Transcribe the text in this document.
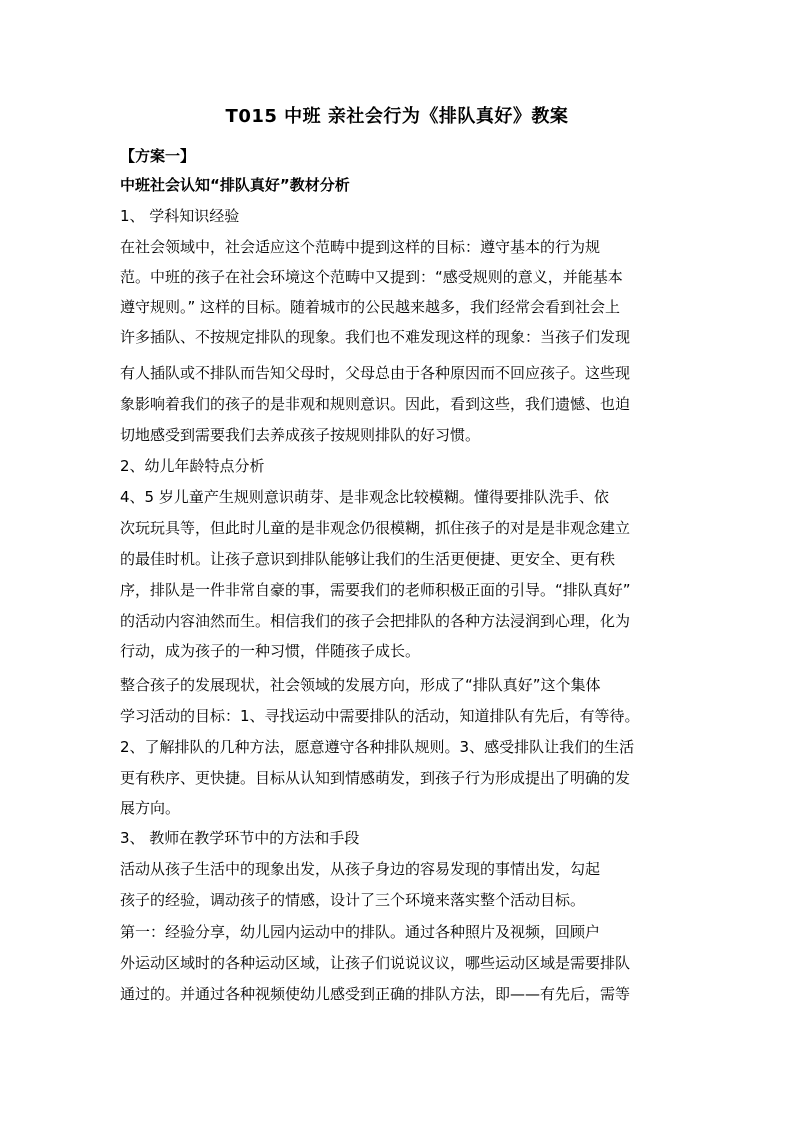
T015 中班 亲社会行为《排队真好》教案
【方案一】
中班社会认知“排队真好”教材分析
1、 学科知识经验
在社会领域中，社会适应这个范畴中提到这样的目标：遵守基本的行为规
范。中班的孩子在社会环境这个范畴中又提到：“感受规则的意义，并能基本
遵守规则。” 这样的目标。随着城市的公民越来越多，我们经常会看到社会上
许多插队、不按规定排队的现象。我们也不难发现这样的现象：当孩子们发现
有人插队或不排队而告知父母时，父母总由于各种原因而不回应孩子。这些现
象影响着我们的孩子的是非观和规则意识。因此，看到这些，我们遗憾、也迫
切地感受到需要我们去养成孩子按规则排队的好习惯。
2、幼儿年龄特点分析
4、5 岁儿童产生规则意识萌芽、是非观念比较模糊。懂得要排队洗手、依
次玩玩具等，但此时儿童的是非观念仍很模糊，抓住孩子的对是是非观念建立
的最佳时机。让孩子意识到排队能够让我们的生活更便捷、更安全、更有秩
序，排队是一件非常自豪的事，需要我们的老师积极正面的引导。“排队真好”
的活动内容油然而生。相信我们的孩子会把排队的各种方法浸润到心理，化为
行动，成为孩子的一种习惯，伴随孩子成长。
整合孩子的发展现状，社会领域的发展方向，形成了“排队真好”这个集体
学习活动的目标：1、寻找运动中需要排队的活动，知道排队有先后，有等待。
2、了解排队的几种方法，愿意遵守各种排队规则。3、感受排队让我们的生活
更有秩序、更快捷。目标从认知到情感萌发，到孩子行为形成提出了明确的发
展方向。
3、 教师在教学环节中的方法和手段
活动从孩子生活中的现象出发，从孩子身边的容易发现的事情出发，勾起
孩子的经验，调动孩子的情感，设计了三个环境来落实整个活动目标。
第一：经验分享，幼儿园内运动中的排队。通过各种照片及视频，回顾户
外运动区域时的各种运动区域，让孩子们说说议议，哪些运动区域是需要排队
通过的。并通过各种视频使幼儿感受到正确的排队方法，即——有先后，需等
